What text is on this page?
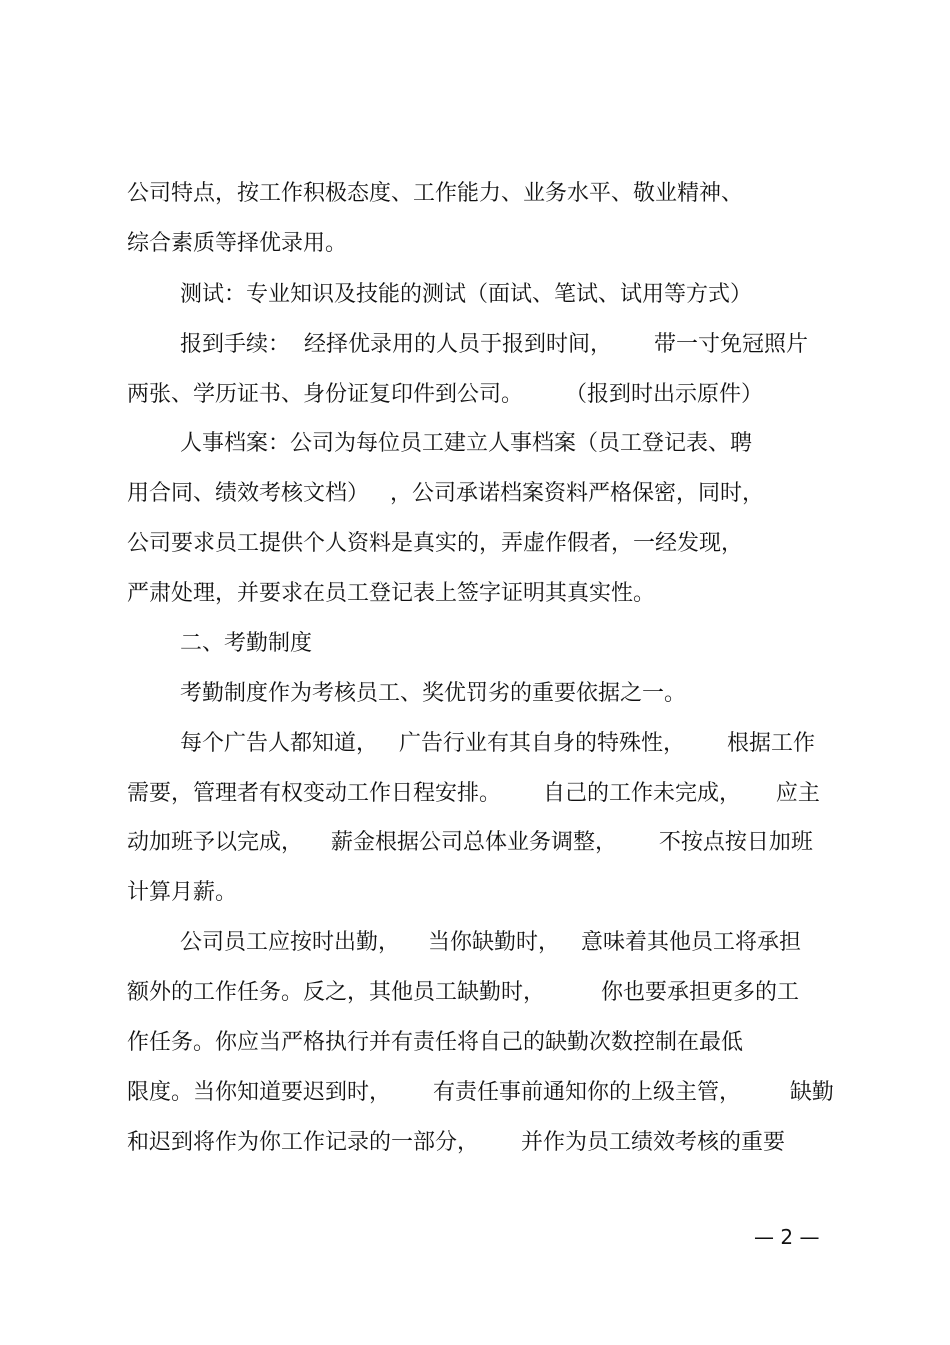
公司特点，按工作积极态度、工作能力、业务水平、敬业精神、
综合素质等择优录用。
测试：专业知识及技能的测试（面试、笔试、试用等方式）
报到手续：  经择优录用的人员于报到时间，      带一寸免冠照片
两张、学历证书、身份证复印件到公司。      （报到时出示原件）
人事档案：公司为每位员工建立人事档案（员工登记表、聘
用合同、绩效考核文档）   ，公司承诺档案资料严格保密，同时，
公司要求员工提供个人资料是真实的，弄虚作假者，一经发现，
严肃处理，并要求在员工登记表上签字证明其真实性。
二、考勤制度
考勤制度作为考核员工、奖优罚劣的重要依据之一。
每个广告人都知道，   广告行业有其自身的特殊性，      根据工作
需要，管理者有权变动工作日程安排。      自己的工作未完成，     应主
动加班予以完成，    薪金根据公司总体业务调整，      不按点按日加班
计算月薪。
公司员工应按时出勤，    当你缺勤时，   意味着其他员工将承担
额外的工作任务。反之，其他员工缺勤时，        你也要承担更多的工
作任务。你应当严格执行并有责任将自己的缺勤次数控制在最低
限度。当你知道要迟到时，      有责任事前通知你的上级主管，       缺勤
和迟到将作为你工作记录的一部分，      并作为员工绩效考核的重要
— 2 —
